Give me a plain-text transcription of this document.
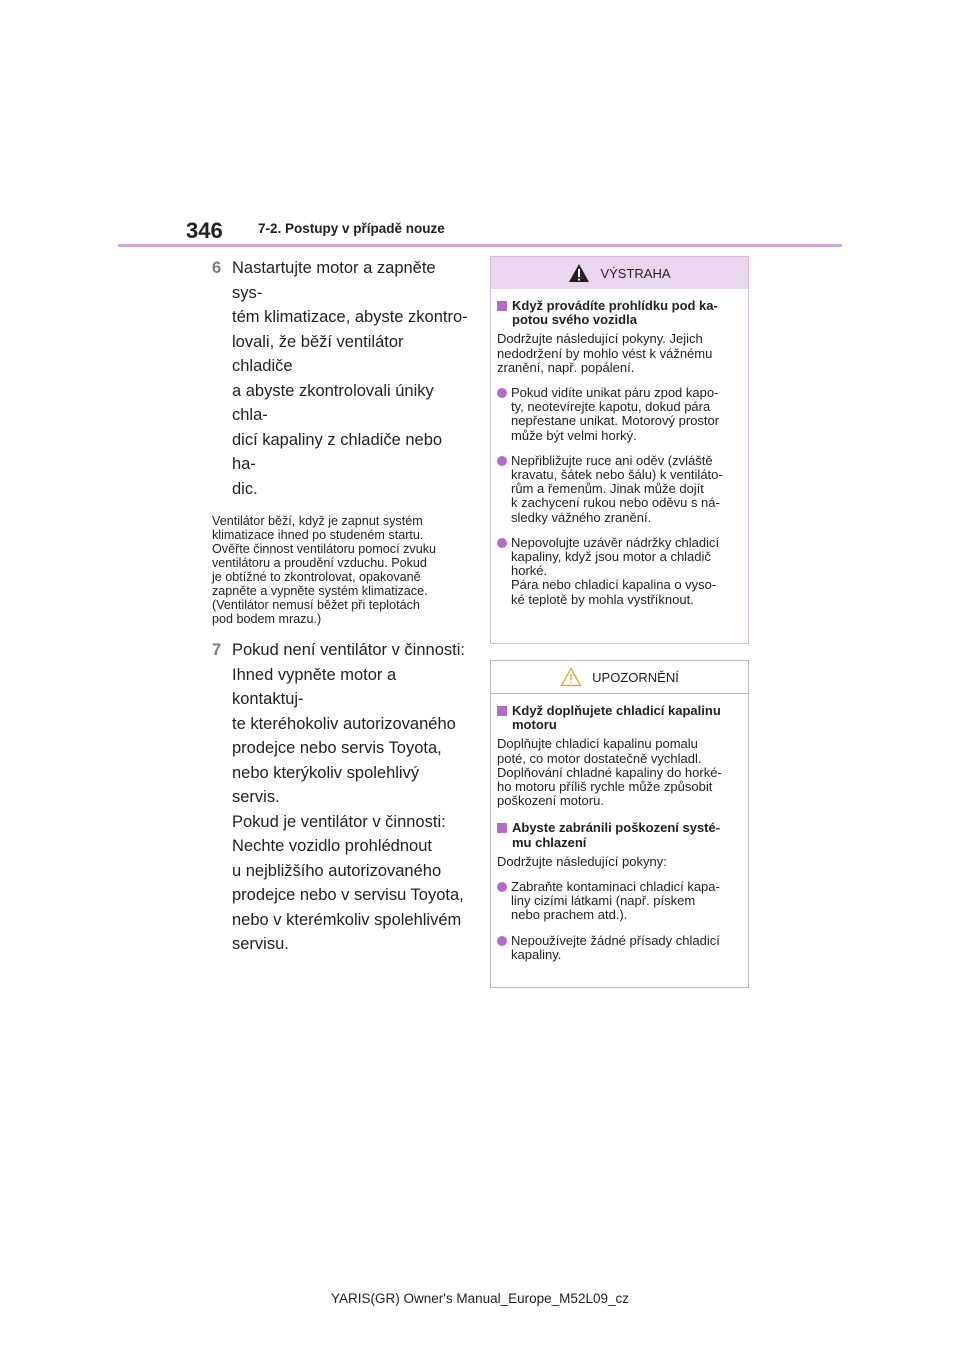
346	7-2. Postupy v případě nouze
6 Nastartujte motor a zapněte sys-
tém klimatizace, abyste zkontro-
lovali, že běží ventilátor chladiče
a abyste zkontrolovali úniky chla-
dicí kapaliny z chladiče nebo ha-
dic.
Ventilátor běží, když je zapnut systém
klimatizace ihned po studeném startu.
Ověřte činnost ventilátoru pomocí zvuku
ventilátoru a proudění vzduchu. Pokud
je obtížné to zkontrolovat, opakovaně
zapněte a vypněte systém klimatizace.
(Ventilátor nemusí běžet při teplotách
pod bodem mrazu.)
7 Pokud není ventilátor v činnosti:
Ihned vypněte motor a kontaktuj-
te kteréhokoliv autorizovaného
prodejce nebo servis Toyota,
nebo kterýkoliv spolehlivý servis.
Pokud je ventilátor v činnosti:
Nechte vozidlo prohlédnout
u nejbližšího autorizovaného
prodejce nebo v servisu Toyota,
nebo v kterémkoliv spolehlivém
servisu.
VÝSTRAHA
Když provádíte prohlídku pod ka-
potou svého vozidla
Dodržujte následující pokyny. Jejich
nedodržení by mohlo vést k vážnému
zranění, např. popálení.
Pokud vidíte unikat páru zpod kapo-
ty, neotevírejte kapotu, dokud pára
nepřestane unikat. Motorový prostor
může být velmi horký.
Nepřibližujte ruce ani oděv (zvláště
kravatu, šátek nebo šálu) k ventiláto-
rům a řemenům. Jinak může dojít
k zachycení rukou nebo oděvu s ná-
sledky vážného zranění.
Nepovolujte uzávěr nádržky chladicí
kapaliny, když jsou motor a chladič
horké.
Pára nebo chladicí kapalina o vyso-
ké teplotě by mohla vystříknout.
UPOZORNĚNÍ
Když doplňujete chladicí kapalinu
motoru
Doplňujte chladicí kapalinu pomalu
poté, co motor dostatečně vychladl.
Doplňování chladné kapaliny do horké-
ho motoru příliš rychle může způsobit
poškození motoru.
Abyste zabránili poškození systé-
mu chlazení
Dodržujte následující pokyny:
Zabraňte kontaminaci chladicí kapa-
liny cizími látkami (např. pískem
nebo prachem atd.).
Nepoužívejte žádné přísady chladicí
kapaliny.
YARIS(GR) Owner's Manual_Europe_M52L09_cz
